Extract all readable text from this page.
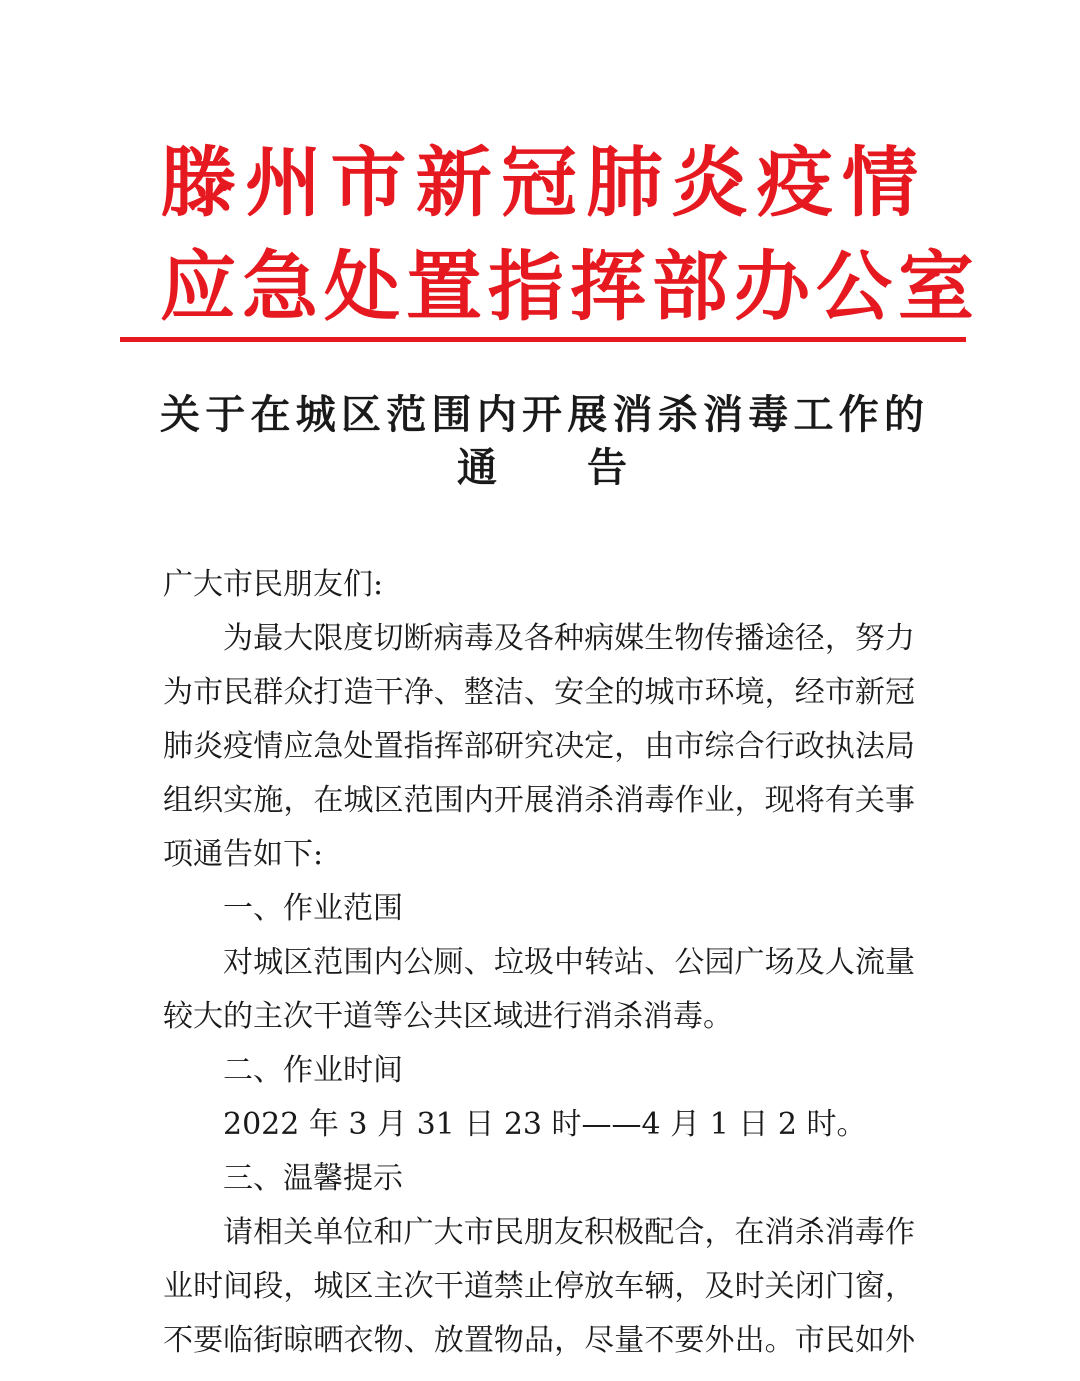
滕州市新冠肺炎疫情
应急处置指挥部办公室
关于在城区范围内开展消杀消毒工作的
通 告
广大市民朋友们:
为最大限度切断病毒及各种病媒生物传播途径，努力
为市民群众打造干净、整洁、安全的城市环境，经市新冠
肺炎疫情应急处置指挥部研究决定，由市综合行政执法局
组织实施，在城区范围内开展消杀消毒作业，现将有关事
项通告如下:
一、作业范围
对城区范围内公厕、垃圾中转站、公园广场及人流量
较大的主次干道等公共区域进行消杀消毒。
二、作业时间
2022 年 3 月 31 日 23 时——4 月 1 日 2 时。
三、温馨提示
请相关单位和广大市民朋友积极配合，在消杀消毒作
业时间段，城区主次干道禁止停放车辆，及时关闭门窗，
不要临街晾晒衣物、放置物品，尽量不要外出。市民如外
